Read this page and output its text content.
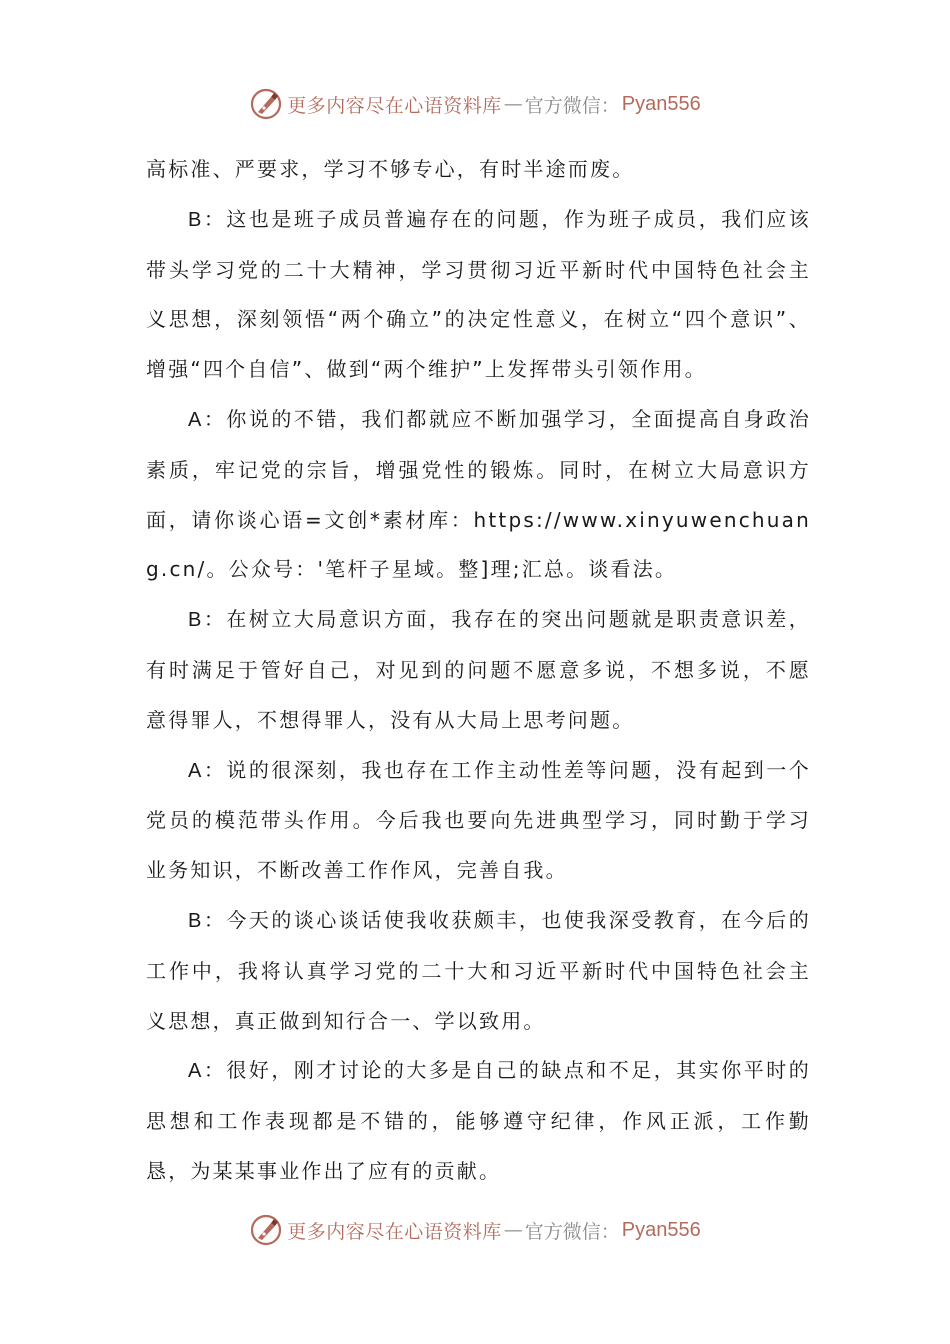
更多内容尽在心语资料库 — 官方微信： Pyan556

高标准、严要求，学习不够专心，有时半途而废。

B：这也是班子成员普遍存在的问题，作为班子成员，我们应该带头学习党的二十大精神，学习贯彻习近平新时代中国特色社会主义思想，深刻领悟“两个确立”的决定性意义，在树立“四个意识”、增强“四个自信”、做到“两个维护”上发挥带头引领作用。

A：你说的不错，我们都就应不断加强学习，全面提高自身政治素质，牢记党的宗旨，增强党性的锻炼。同时，在树立大局意识方面，请你谈心语=文创*素材库：https://www.xinyuwenchuang.cn/。公众号：'笔杆子星域。整]理;汇总。谈看法。

B：在树立大局意识方面，我存在的突出问题就是职责意识差，有时满足于管好自己，对见到的问题不愿意多说，不想多说，不愿意得罪人，不想得罪人，没有从大局上思考问题。

A：说的很深刻，我也存在工作主动性差等问题，没有起到一个党员的模范带头作用。今后我也要向先进典型学习，同时勤于学习业务知识，不断改善工作作风，完善自我。

B：今天的谈心谈话使我收获颇丰，也使我深受教育，在今后的工作中，我将认真学习党的二十大和习近平新时代中国特色社会主义思想，真正做到知行合一、学以致用。

A：很好，刚才讨论的大多是自己的缺点和不足，其实你平时的思想和工作表现都是不错的，能够遵守纪律，作风正派，工作勤恳，为某某事业作出了应有的贡献。

更多内容尽在心语资料库 — 官方微信： Pyan556
